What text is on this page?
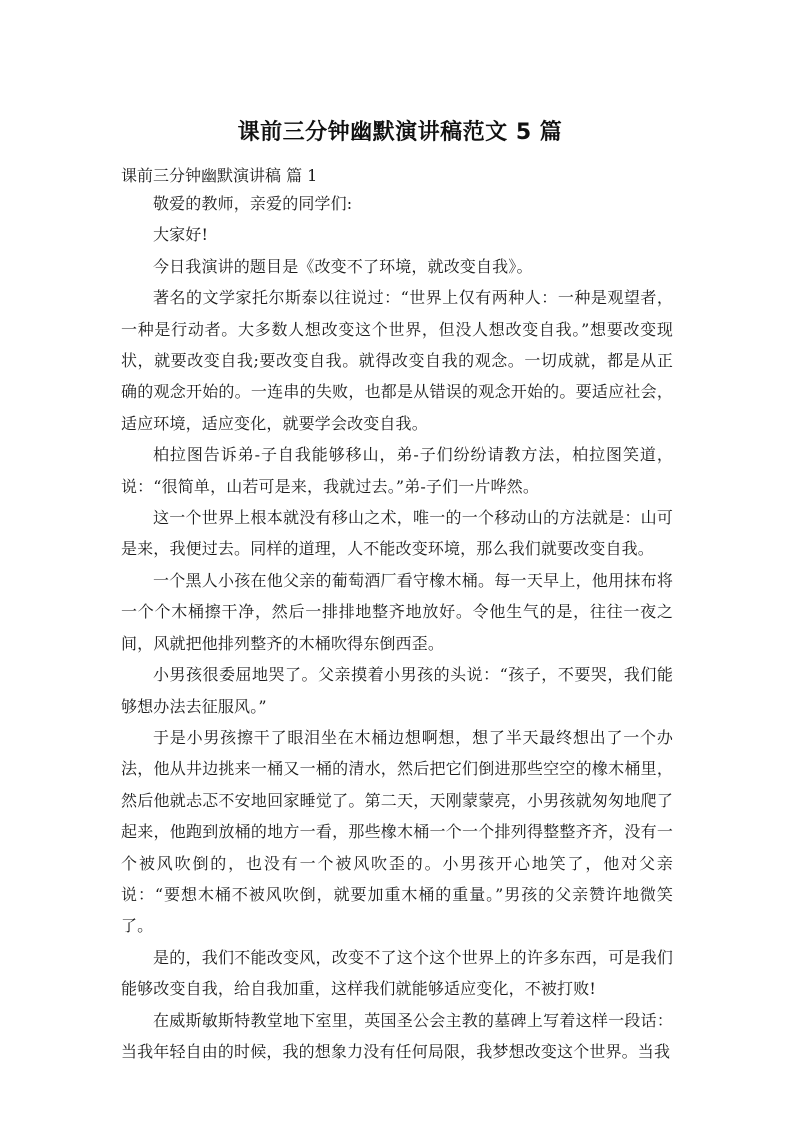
课前三分钟幽默演讲稿范文 5 篇
课前三分钟幽默演讲稿 篇 1

敬爱的教师，亲爱的同学们:

大家好!

今日我演讲的题目是《改变不了环境，就改变自我》。

著名的文学家托尔斯泰以往说过：“世界上仅有两种人：一种是观望者，一种是行动者。大多数人想改变这个世界，但没人想改变自我。”想要改变现状，就要改变自我;要改变自我。就得改变自我的观念。一切成就，都是从正确的观念开始的。一连串的失败，也都是从错误的观念开始的。要适应社会，适应环境，适应变化，就要学会改变自我。

柏拉图告诉弟-子自我能够移山，弟-子们纷纷请教方法，柏拉图笑道，说：“很简单，山若可是来，我就过去。”弟-子们一片哗然。

这一个世界上根本就没有移山之术，唯一的一个移动山的方法就是：山可是来，我便过去。同样的道理，人不能改变环境，那么我们就要改变自我。

一个黑人小孩在他父亲的葡萄酒厂看守橡木桶。每一天早上，他用抹布将一个个木桶擦干净，然后一排排地整齐地放好。令他生气的是，往往一夜之间，风就把他排列整齐的木桶吹得东倒西歪。

小男孩很委屈地哭了。父亲摸着小男孩的头说：“孩子，不要哭，我们能够想办法去征服风。”

于是小男孩擦干了眼泪坐在木桶边想啊想，想了半天最终想出了一个办法，他从井边挑来一桶又一桶的清水，然后把它们倒进那些空空的橡木桶里，然后他就忐忑不安地回家睡觉了。第二天，天刚蒙蒙亮，小男孩就匆匆地爬了起来，他跑到放桶的地方一看，那些橡木桶一个一个排列得整整齐齐，没有一个被风吹倒的，也没有一个被风吹歪的。小男孩开心地笑了，他对父亲说：“要想木桶不被风吹倒，就要加重木桶的重量。”男孩的父亲赞许地微笑了。

是的，我们不能改变风，改变不了这个这个世界上的许多东西，可是我们能够改变自我，给自我加重，这样我们就能够适应变化，不被打败!

在威斯敏斯特教堂地下室里，英国圣公会主教的墓碑上写着这样一段话：当我年轻自由的时候，我的想象力没有任何局限，我梦想改变这个世界。当我
